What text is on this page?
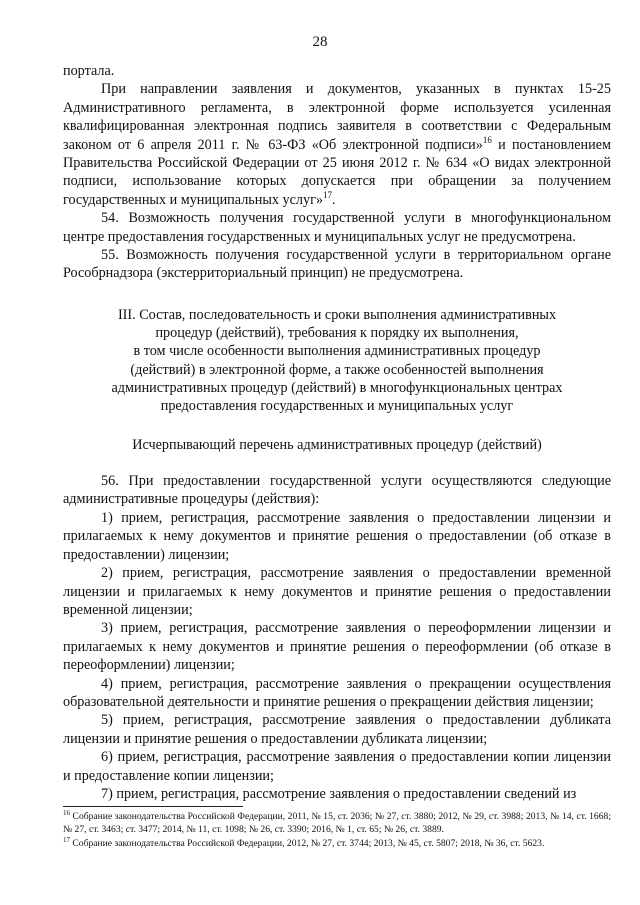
28

портала.

При направлении заявления и документов, указанных в пунктах 15-25 Административного регламента, в электронной форме используется усиленная квалифицированная электронная подпись заявителя в соответствии с Федеральным законом от 6 апреля 2011 г. № 63-ФЗ «Об электронной подписи»$^{16}$ и постановлением Правительства Российской Федерации от 25 июня 2012 г. № 634 «О видах электронной подписи, использование которых допускается при обращении за получением государственных и муниципальных услуг»$^{17}$.

54. Возможность получения государственной услуги в многофункциональном центре предоставления государственных и муниципальных услуг не предусмотрена.

55. Возможность получения государственной услуги в территориальном органе Рособрнадзора (экстерриториальный принцип) не предусмотрена.

III. Состав, последовательность и сроки выполнения административных
процедур (действий), требования к порядку их выполнения,
в том числе особенности выполнения административных процедур
(действий) в электронной форме, а также особенностей выполнения
административных процедур (действий) в многофункциональных центрах
предоставления государственных и муниципальных услуг
Исчерпывающий перечень административных процедур (действий)

56. При предоставлении государственной услуги осуществляются следующие административные процедуры (действия):

1) прием, регистрация, рассмотрение заявления о предоставлении лицензии и прилагаемых к нему документов и принятие решения о предоставлении (об отказе в предоставлении) лицензии;

2) прием, регистрация, рассмотрение заявления о предоставлении временной лицензии и прилагаемых к нему документов и принятие решения о предоставлении временной лицензии;

3) прием, регистрация, рассмотрение заявления о переоформлении лицензии и прилагаемых к нему документов и принятие решения о переоформлении (об отказе в переоформлении) лицензии;

4) прием, регистрация, рассмотрение заявления о прекращении осуществления образовательной деятельности и принятие решения о прекращении действия лицензии;

5) прием, регистрация, рассмотрение заявления о предоставлении дубликата лицензии и принятие решения о предоставлении дубликата лицензии;

6) прием, регистрация, рассмотрение заявления о предоставлении копии лицензии и предоставление копии лицензии;

7) прием, регистрация, рассмотрение заявления о предоставлении сведений из

$^{16}$ Собрание законодательства Российской Федерации, 2011, № 15, ст. 2036; № 27, ст. 3880; 2012, № 29, ст. 3988; 2013, № 14, ст. 1668; № 27, ст. 3463; ст. 3477; 2014, № 11, ст. 1098; № 26, ст. 3390; 2016, № 1, ст. 65; № 26, ст. 3889.

$^{17}$ Собрание законодательства Российской Федерации, 2012, № 27, ст. 3744; 2013, № 45, ст. 5807; 2018, № 36, ст. 5623.
